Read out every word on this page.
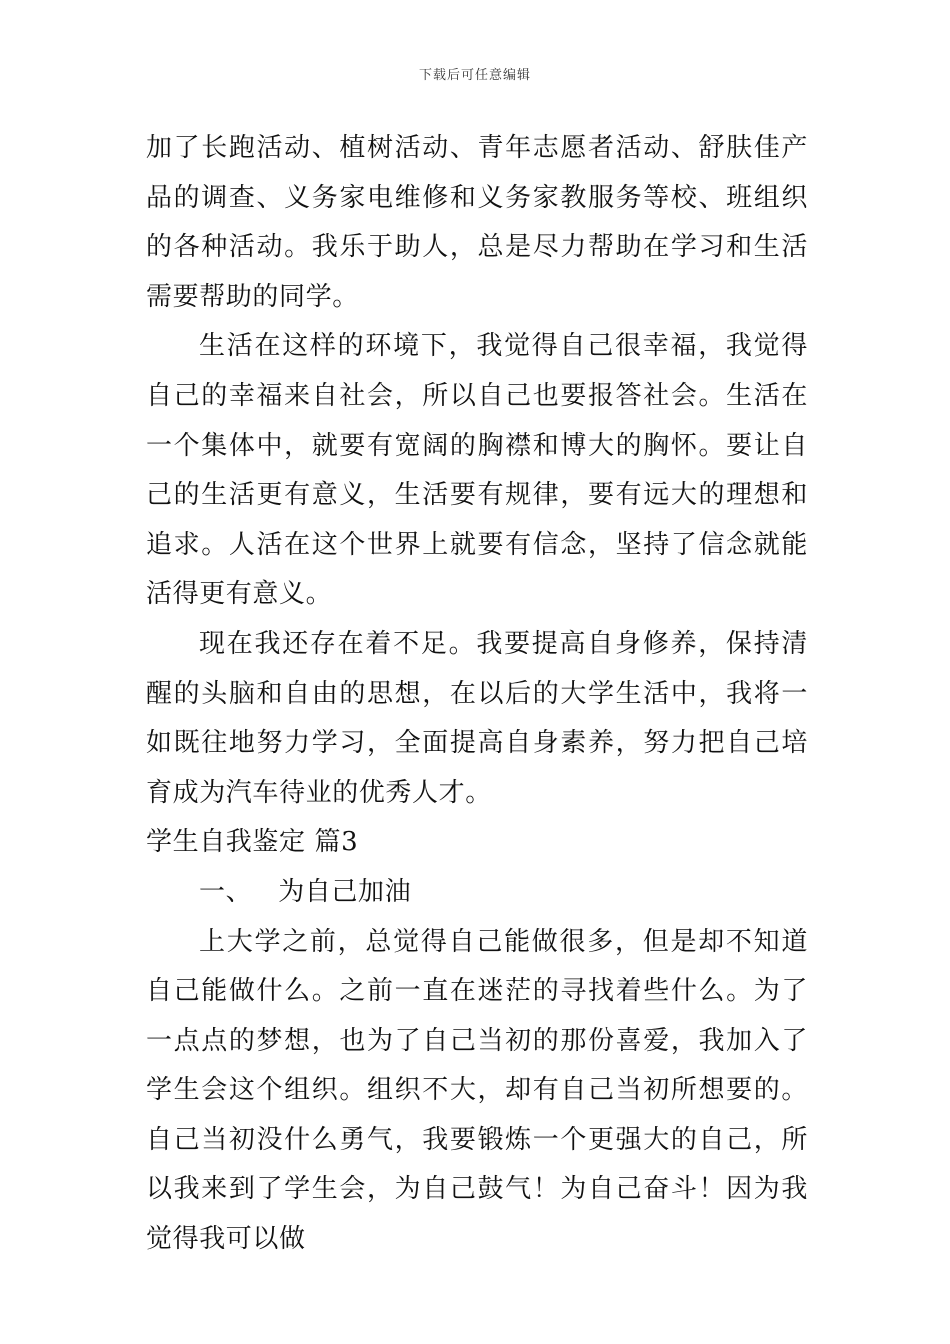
下载后可任意编辑

加了长跑活动、植树活动、青年志愿者活动、舒肤佳产品的调查、义务家电维修和义务家教服务等校、班组织的各种活动。我乐于助人，总是尽力帮助在学习和生活需要帮助的同学。

生活在这样的环境下，我觉得自己很幸福，我觉得自己的幸福来自社会，所以自己也要报答社会。生活在一个集体中，就要有宽阔的胸襟和博大的胸怀。要让自己的生活更有意义，生活要有规律，要有远大的理想和追求。人活在这个世界上就要有信念，坚持了信念就能活得更有意义。

现在我还存在着不足。我要提高自身修养，保持清醒的头脑和自由的思想，在以后的大学生活中，我将一如既往地努力学习，全面提高自身素养，努力把自己培育成为汽车待业的优秀人才。

学生自我鉴定 篇3

一、 为自己加油

上大学之前，总觉得自己能做很多，但是却不知道自己能做什么。之前一直在迷茫的寻找着些什么。为了一点点的梦想，也为了自己当初的那份喜爱，我加入了学生会这个组织。组织不大，却有自己当初所想要的。自己当初没什么勇气，我要锻炼一个更强大的自己，所以我来到了学生会，为自己鼓气！为自己奋斗！因为我觉得我可以做
